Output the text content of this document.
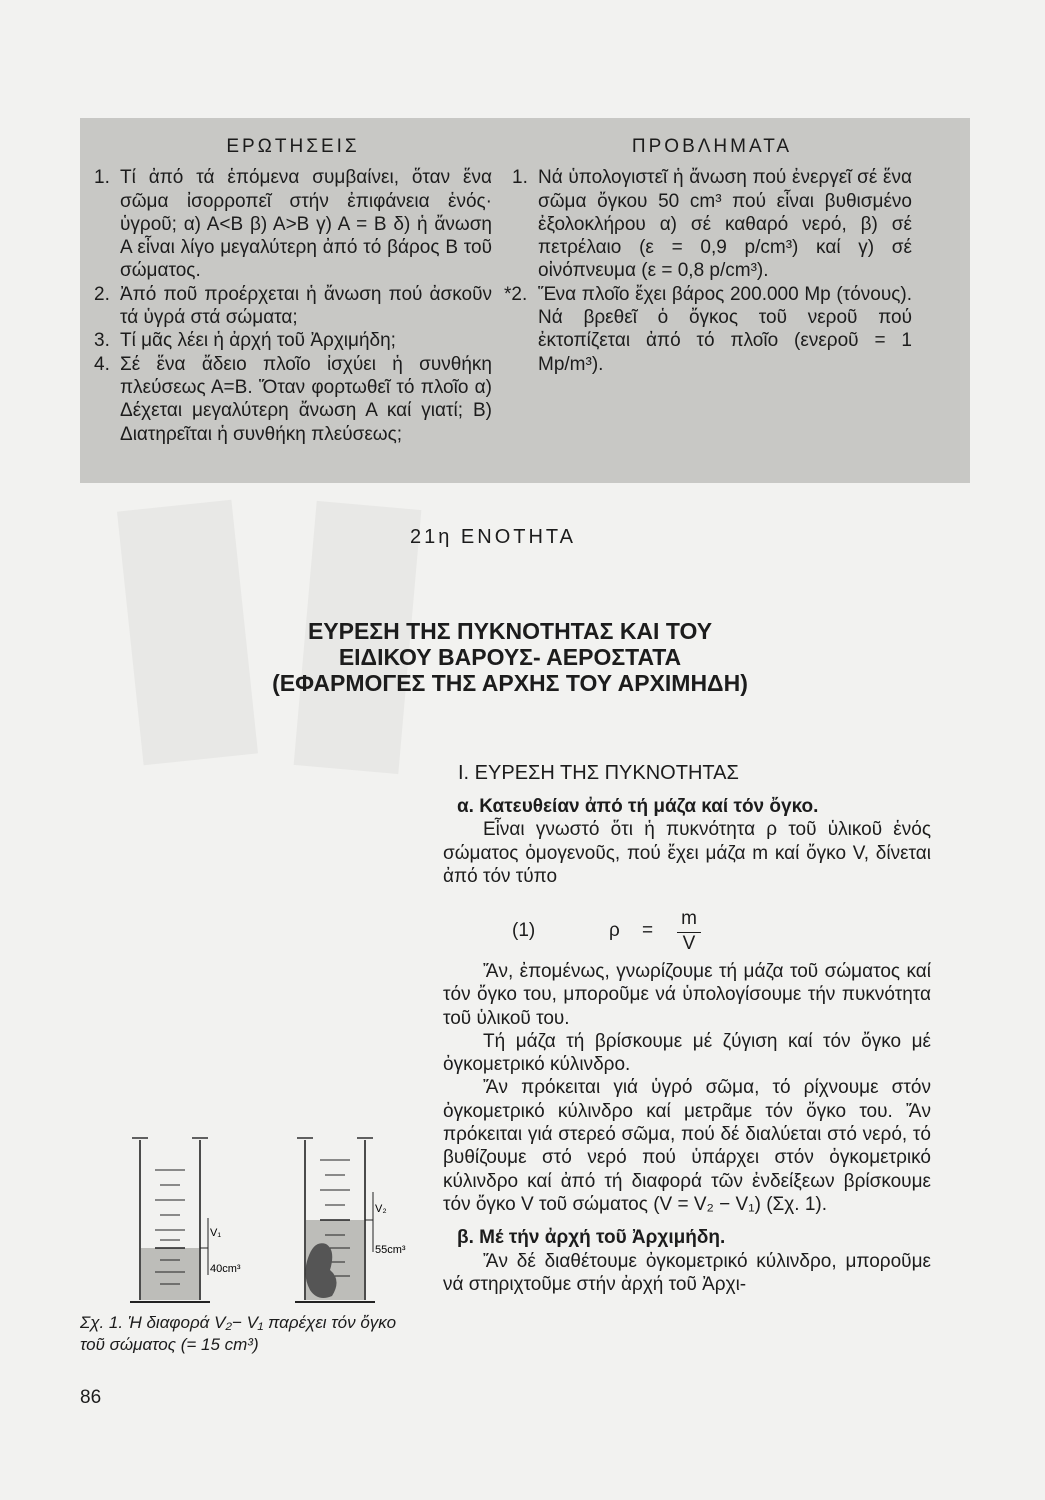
ΕΡΩΤΗΣΕΙΣ
1. Τί ἀπό τά ἑπόμενα συμβαίνει, ὅταν ἕνα σῶμα ἰσορροπεῖ στήν ἐπιφάνεια ἑνός· ὑγροῦ; α) Α<Β β) Α>Β γ) Α = Β δ) ἡ ἄνωση Α εἶναι λίγο μεγαλύτερη ἀπό τό βάρος Β τοῦ σώματος.
2. Ἀπό ποῦ προέρχεται ἡ ἄνωση πού ἀσκοῦν τά ὑγρά στά σώματα;
3. Τί μᾶς λέει ἡ ἀρχή τοῦ Ἀρχιμήδη;
4. Σέ ἕνα ἄδειο πλοῖο ἰσχύει ἡ συνθήκη πλεύσεως Α=Β. Ὅταν φορτωθεῖ τό πλοῖο α) Δέχεται μεγαλύτερη ἄνωση Α καί γιατί; Β) Διατηρεῖται ἡ συνθήκη πλεύσεως;
ΠΡΟΒΛΗΜΑΤΑ
1. Νά ὑπολογιστεῖ ἡ ἄνωση πού ἐνεργεῖ σέ ἕνα σῶμα ὄγκου 50 cm³ πού εἶναι βυθισμένο ἐξολοκλήρου α) σέ καθαρό νερό, β) σέ πετρέλαιο (ε = 0,9 p/cm³) καί γ) σέ οἰνόπνευμα (ε = 0,8 p/cm³).
*2. Ἕνα πλοῖο ἔχει βάρος 200.000 Mp (τόνους). Νά βρεθεῖ ὁ ὄγκος τοῦ νεροῦ πού ἐκτοπίζεται ἀπό τό πλοῖο (ενεροῦ = 1 Mp/m³).
21η ΕΝΟΤΗΤΑ
ΕΥΡΕΣΗ ΤΗΣ ΠΥΚΝΟΤΗΤΑΣ ΚΑΙ ΤΟΥ
ΕΙΔΙΚΟΥ ΒΑΡΟΥΣ- ΑΕΡΟΣΤΑΤΑ
(ΕΦΑΡΜΟΓΕΣ ΤΗΣ ΑΡΧΗΣ ΤΟΥ ΑΡΧΙΜΗΔΗ)
Ι. ΕΥΡΕΣΗ ΤΗΣ ΠΥΚΝΟΤΗΤΑΣ
α. Κατευθείαν ἀπό τή μάζα καί τόν ὄγκο.
Εἶναι γνωστό ὅτι ἡ πυκνότητα ρ τοῦ ὑλικοῦ ἑνός σώματος ὁμογενοῦς, πού ἔχει μάζα m καί ὄγκο V, δίνεται ἀπό τόν τύπο
(1)	ρ =
m
V
Ἄν, ἐπομένως, γνωρίζουμε τή μάζα τοῦ σώματος καί τόν ὄγκο του, μποροῦμε νά ὑπολογίσουμε τήν πυκνότητα τοῦ ὑλικοῦ του.
Τή μάζα τή βρίσκουμε μέ ζύγιση καί τόν ὄγκο μέ ὀγκομετρικό κύλινδρο.
Ἄν πρόκειται γιά ὑγρό σῶμα, τό ρίχνουμε στόν ὀγκομετρικό κύλινδρο καί μετρᾶμε τόν ὄγκο του. Ἄν πρόκειται γιά στερεό σῶμα, πού δέ διαλύεται στό νερό, τό βυθίζουμε στό νερό πού ὑπάρχει στόν ὀγκομετρικό κύλινδρο καί ἀπό τή διαφορά τῶν ἐνδείξεων βρίσκουμε τόν ὄγκο V τοῦ σώματος (V = V₂ − V₁) (Σχ. 1).
β. Μέ τήν ἀρχή τοῦ Ἀρχιμήδη.
Ἄν δέ διαθέτουμε ὀγκομετρικό κύλινδρο, μποροῦμε νά στηριχτοῦμε στήν ἀρχή τοῦ Ἀρχι-
V₁
40cm³
V₂
55cm³
Σχ. 1. Ἡ διαφορά V₂− V₁ παρέχει τόν ὄγκο τοῦ σώματος (= 15 cm³)
86
